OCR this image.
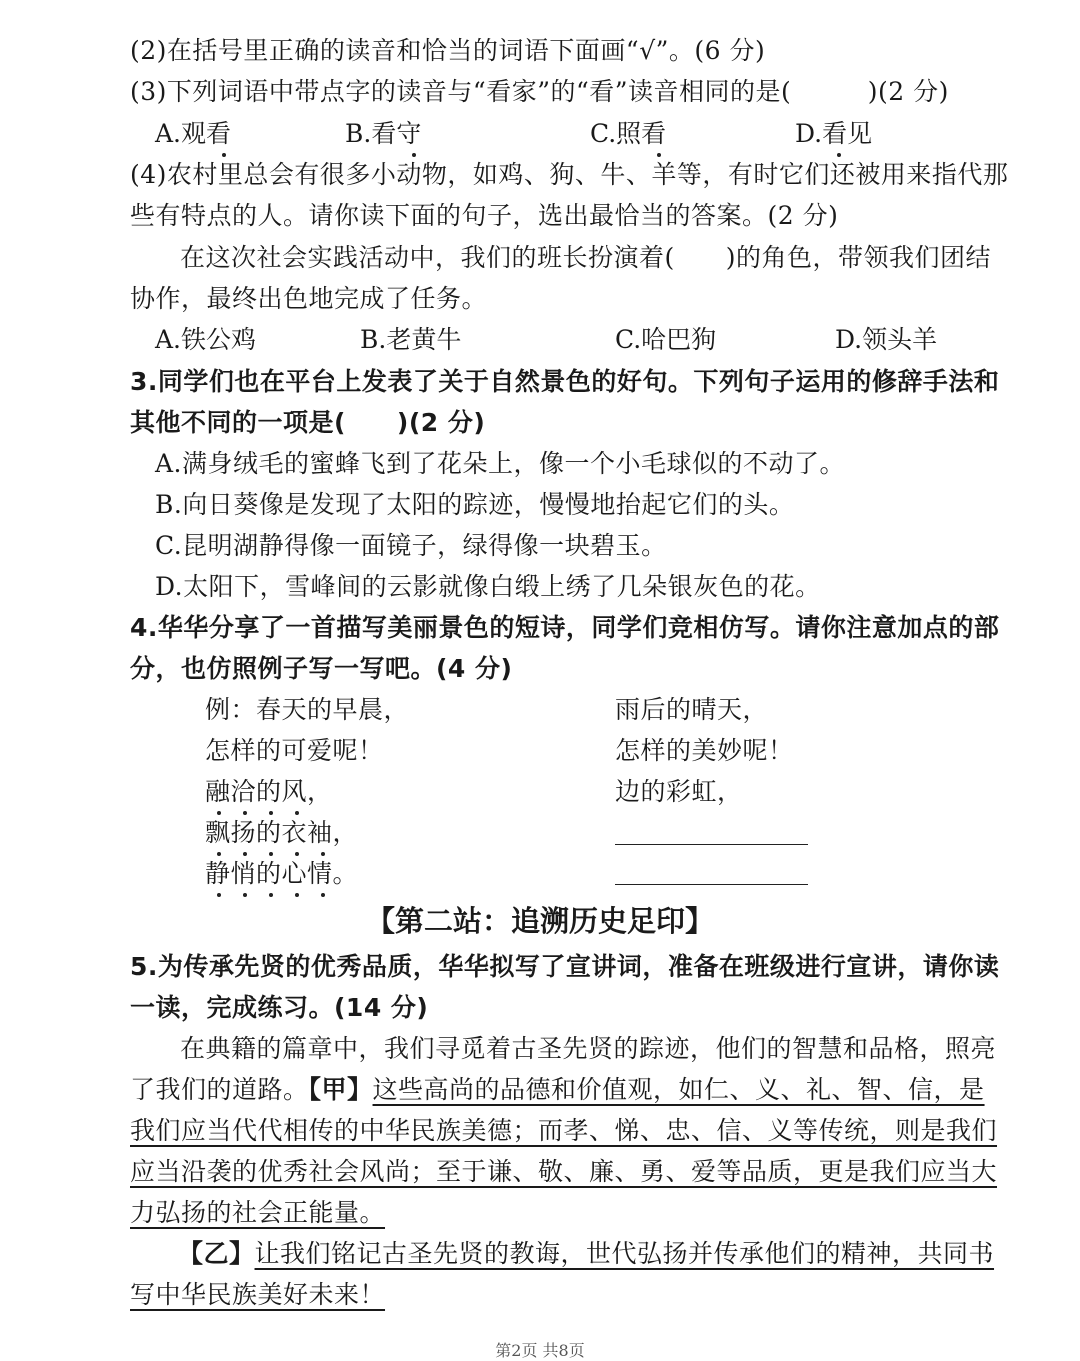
(2)在括号里正确的读音和恰当的词语下面画“√”。(6 分)
(3)下列词语中带点字的读音与“看家”的“看”读音相同的是(　　　)(2 分)
A.观看	B.看守	C.照看	D.看见
(4)农村里总会有很多小动物，如鸡、狗、牛、羊等，有时它们还被用来指代那
些有特点的人。请你读下面的句子，选出最恰当的答案。(2 分)
在这次社会实践活动中，我们的班长扮演着(　　)的角色，带领我们团结
协作，最终出色地完成了任务。
A.铁公鸡	B.老黄牛	C.哈巴狗	D.领头羊
3.同学们也在平台上发表了关于自然景色的好句。下列句子运用的修辞手法和
其他不同的一项是(　　)(2 分)
A.满身绒毛的蜜蜂飞到了花朵上，像一个小毛球似的不动了。
B.向日葵像是发现了太阳的踪迹，慢慢地抬起它们的头。
C.昆明湖静得像一面镜子，绿得像一块碧玉。
D.太阳下，雪峰间的云影就像白缎上绣了几朵银灰色的花。
4.华华分享了一首描写美丽景色的短诗，同学们竞相仿写。请你注意加点的部
分，也仿照例子写一写吧。(4 分)
例：春天的早晨，
怎样的可爱呢！
融洽的风，
飘扬的衣袖，
静悄的心情。
雨后的晴天，
怎样的美妙呢！
边的彩虹，
【第二站：追溯历史足印】
5.为传承先贤的优秀品质，华华拟写了宣讲词，准备在班级进行宣讲，请你读
一读，完成练习。(14 分)
在典籍的篇章中，我们寻觅着古圣先贤的踪迹，他们的智慧和品格，照亮
了我们的道路。【甲】这些高尚的品德和价值观，如仁、义、礼、智、信，是
我们应当代代相传的中华民族美德；而孝、悌、忠、信、义等传统，则是我们
应当沿袭的优秀社会风尚；至于谦、敬、廉、勇、爱等品质，更是我们应当大
力弘扬的社会正能量。
【乙】让我们铭记古圣先贤的教诲，世代弘扬并传承他们的精神，共同书
写中华民族美好未来！
第2页 共8页
